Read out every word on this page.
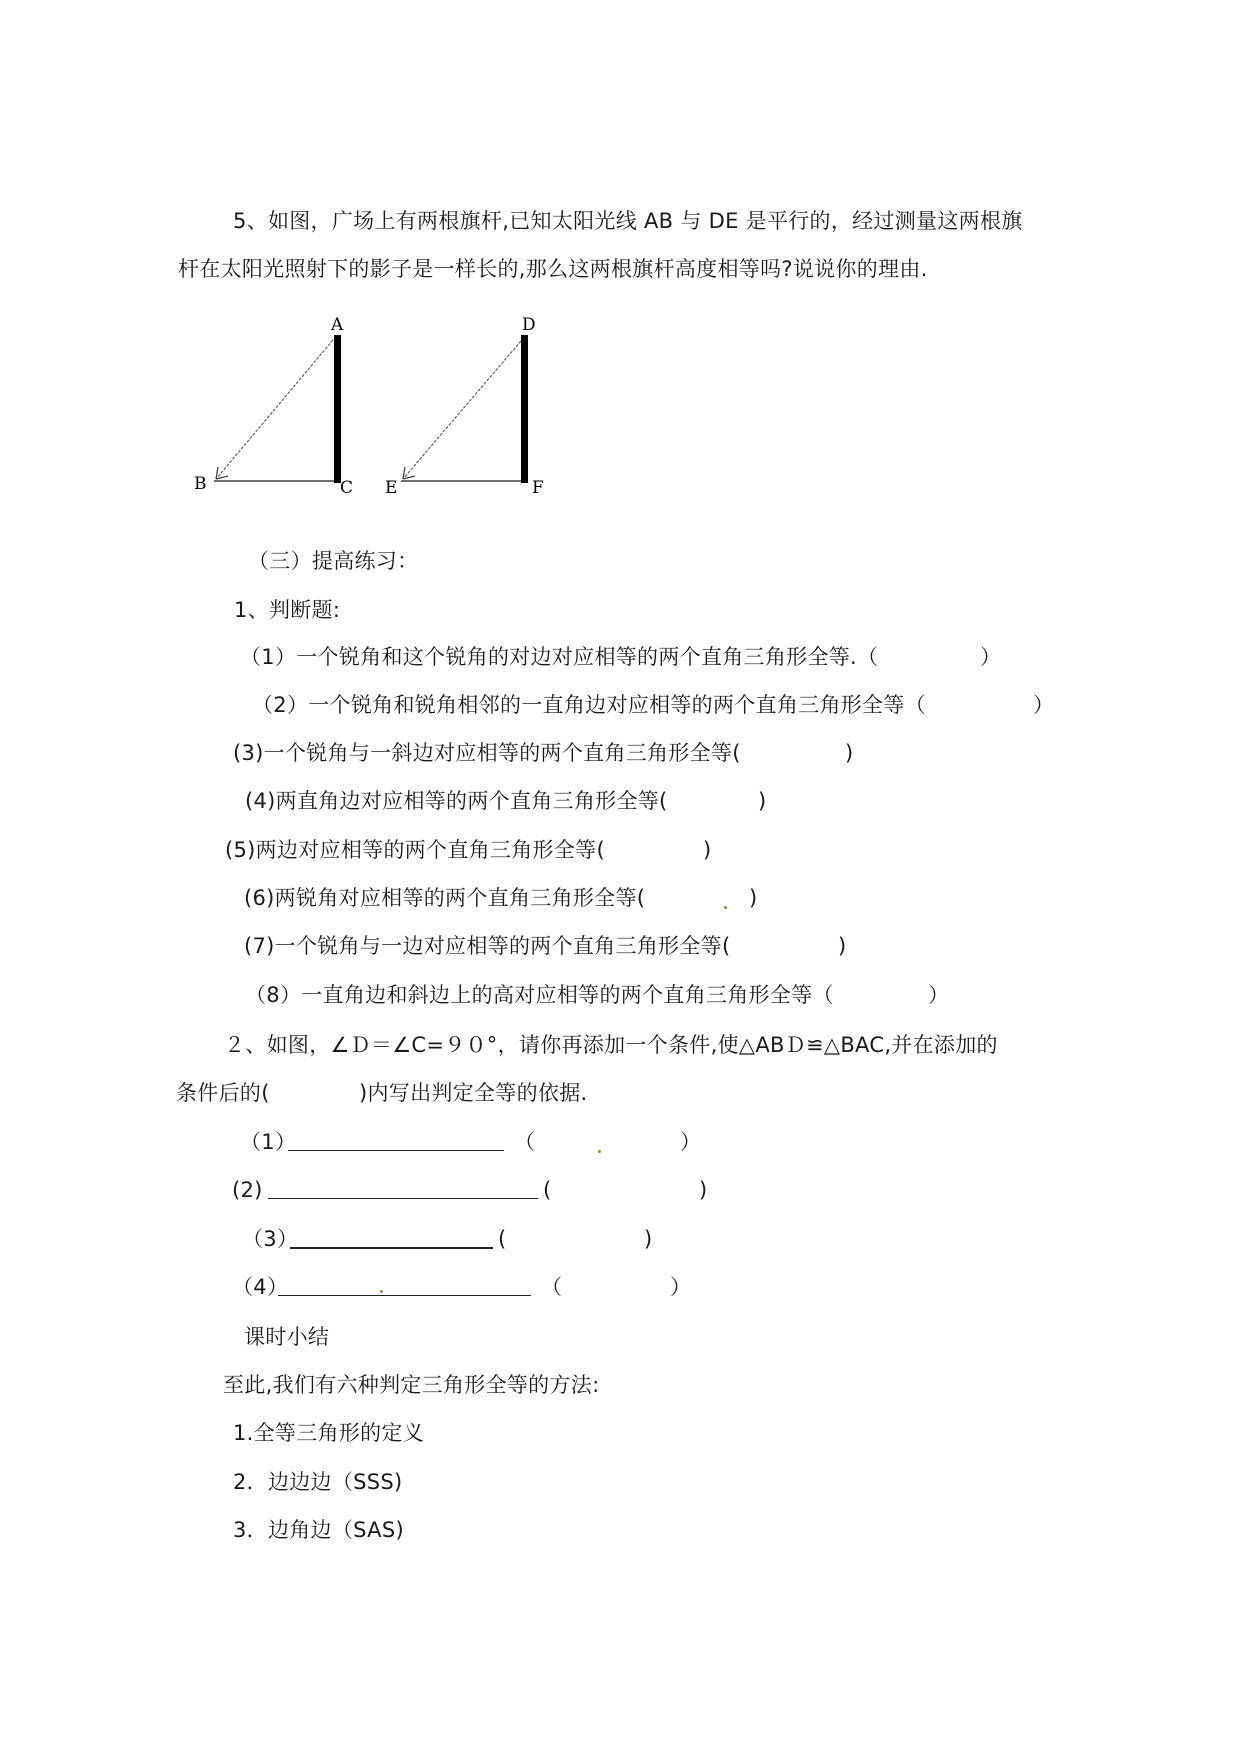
5、如图，广场上有两根旗杆,已知太阳光线 AB 与 DE 是平行的，经过测量这两根旗
杆在太阳光照射下的影子是一样长的,那么这两根旗杆高度相等吗?说说你的理由.
A
B	C
D
E	F
（三）提高练习：
1、判断题:
（1）一个锐角和这个锐角的对边对应相等的两个直角三角形全等.（	）
（2）一个锐角和锐角相邻的一直角边对应相等的两个直角三角形全等（	）
(3)一个锐角与一斜边对应相等的两个直角三角形全等(	)
(4)两直角边对应相等的两个直角三角形全等(	)
(5)两边对应相等的两个直角三角形全等(	)
(6)两锐角对应相等的两个直角三角形全等(	)
(7)一个锐角与一边对应相等的两个直角三角形全等(	)
（8）一直角边和斜边上的高对应相等的两个直角三角形全等（	）
２、如图，∠Ｄ＝∠C=９０°，请你再添加一个条件,使△ABＤ≌△BAC,并在添加的
条件后的(	)内写出判定全等的依据.
（1）	（	）
(2)	(	)
（3）	(	)
（4）	（	）
课时小结
至此,我们有六种判定三角形全等的方法:
1.全等三角形的定义
2．边边边（SSS)
3．边角边（SAS)
